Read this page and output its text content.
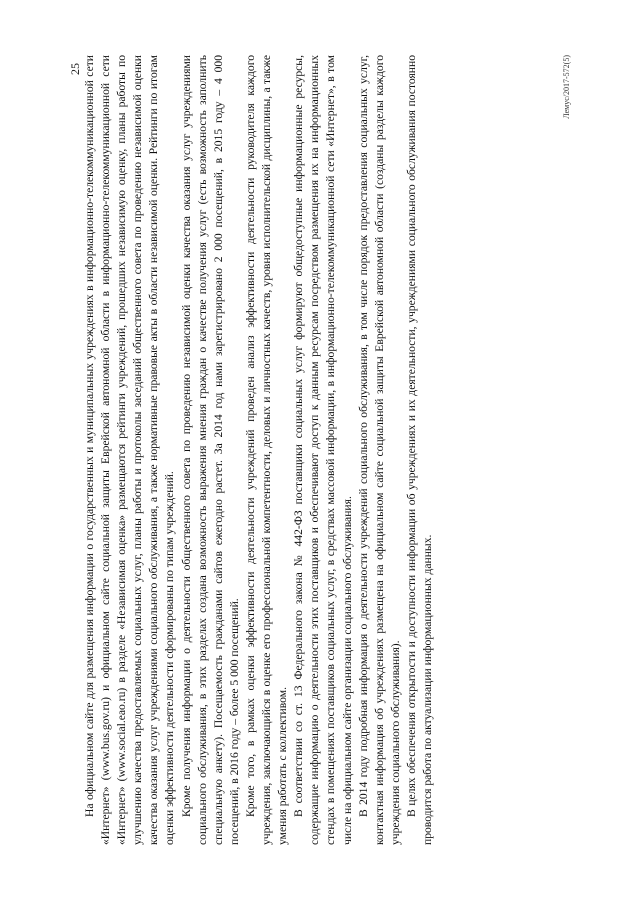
25 На официальном сайте для размещения информации о государственных и муниципальных учреждениях в информационно-телекоммуникационной сети «Интернет» (www.bus.gov.ru) и официальном сайте социальной защиты Еврейской автономной области в информационно-телекоммуникационной сети «Интернет» (www.social.eao.ru) в разделе «Независимая оценка» размещаются рейтинги учреждений, прошедших независимую оценку, планы работы по улучшению качества предоставляемых социальных услуг, планы работы и протоколы заседаний общественного совета по проведению независимой оценки качества оказания услуг учреждениями социального обслуживания, а также нормативные правовые акты в области независимой оценки. Рейтинги по итогам оценки эффективности деятельности сформированы по типам учреждений. Кроме получения информации о деятельности общественного совета по проведению независимой оценки качества оказания услуг учреждениями социального обслуживания, в этих разделах создана возможность выражения мнения граждан о качестве получения услуг (есть возможность заполнить специальную анкету). Посещаемость гражданами сайтов ежегодно растет. За 2014 год нами зарегистрировано 2 000 посещений, в 2015 году – 4 000 посещений, в 2016 году – более 5 000 посещений. Кроме того, в рамках оценки эффективности деятельности учреждений проведен анализ эффективности деятельности руководителя каждого учреждения, заключающийся в оценке его профессиональной компетентности, деловых и личностных качеств, уровня исполнительской дисциплины, а также умения работать с коллективом. В соответствии со ст. 13 Федерального закона № 442-ФЗ поставщики социальных услуг формируют общедоступные информационные ресурсы, содержащие информацию о деятельности этих поставщиков и обеспечивают доступ к данным ресурсам посредством размещения их на информационных стендах в помещениях поставщиков социальных услуг, в средствах массовой информации, в информационно-телекоммуникационной сети «Интернет», в том числе на официальном сайте организации социального обслуживания. В 2014 году подробная информация о деятельности учреждений социального обслуживания, в том числе порядок предоставления социальных услуг, контактная информация об учреждениях размещена на официальном сайте социальной защиты Еврейской автономной области (созданы разделы каждого учреждения социального обслуживания). В целях обеспечения открытости и доступности информации об учреждениях и их деятельности, учреждениями социального обслуживания постоянно проводится работа по актуализации информационных данных.

Лемус/2017-572(5)
